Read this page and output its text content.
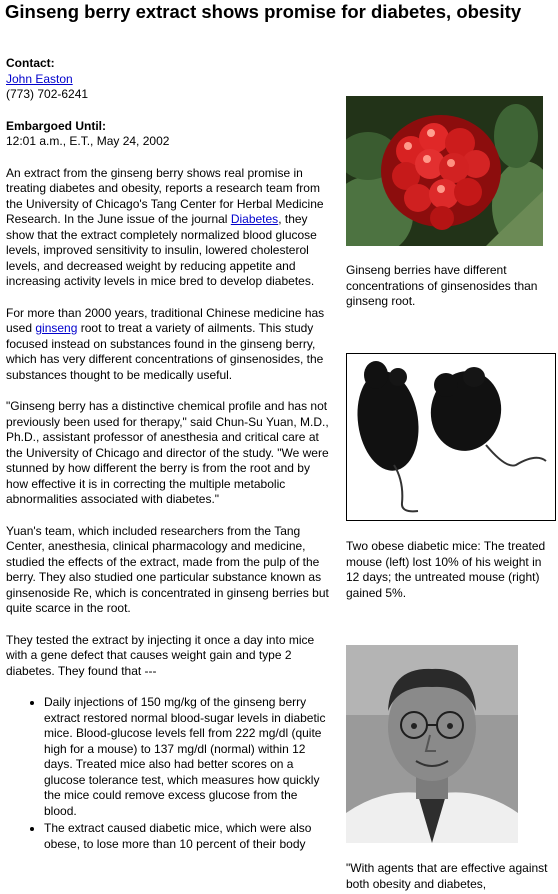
Ginseng berry extract shows promise for diabetes, obesity

Contact:
John Easton
(773) 702-6241

Embargoed Until:
12:01 a.m., E.T., May 24, 2002

An extract from the ginseng berry shows real promise in treating diabetes and obesity, reports a research team from the University of Chicago's Tang Center for Herbal Medicine Research. In the June issue of the journal Diabetes, they show that the extract completely normalized blood glucose levels, improved sensitivity to insulin, lowered cholesterol levels, and decreased weight by reducing appetite and increasing activity levels in mice bred to develop diabetes.

For more than 2000 years, traditional Chinese medicine has used ginseng root to treat a variety of ailments. This study focused instead on substances found in the ginseng berry, which has very different concentrations of ginsenosides, the substances thought to be medically useful.

"Ginseng berry has a distinctive chemical profile and has not previously been used for therapy," said Chun-Su Yuan, M.D., Ph.D., assistant professor of anesthesia and critical care at the University of Chicago and director of the study. "We were stunned by how different the berry is from the root and by how effective it is in correcting the multiple metabolic abnormalities associated with diabetes."

Yuan's team, which included researchers from the Tang Center, anesthesia, clinical pharmacology and medicine, studied the effects of the extract, made from the pulp of the berry. They also studied one particular substance known as ginsenoside Re, which is concentrated in ginseng berries but quite scarce in the root.

They tested the extract by injecting it once a day into mice with a gene defect that causes weight gain and type 2 diabetes. They found that ---

• Daily injections of 150 mg/kg of the ginseng berry extract restored normal blood-sugar levels in diabetic mice. Blood-glucose levels fell from 222 mg/dl (quite high for a mouse) to 137 mg/dl (normal) within 12 days. Treated mice also had better scores on a glucose tolerance test, which measures how quickly the mice could remove excess glucose from the blood.
• The extract caused diabetic mice, which were also obese, to lose more than 10 percent of their body

Ginseng berries have different concentrations of ginsenosides than ginseng root.

Two obese diabetic mice: The treated mouse (left) lost 10% of his weight in 12 days; the untreated mouse (right) gained 5%.

"With agents that are effective against both obesity and diabetes,
